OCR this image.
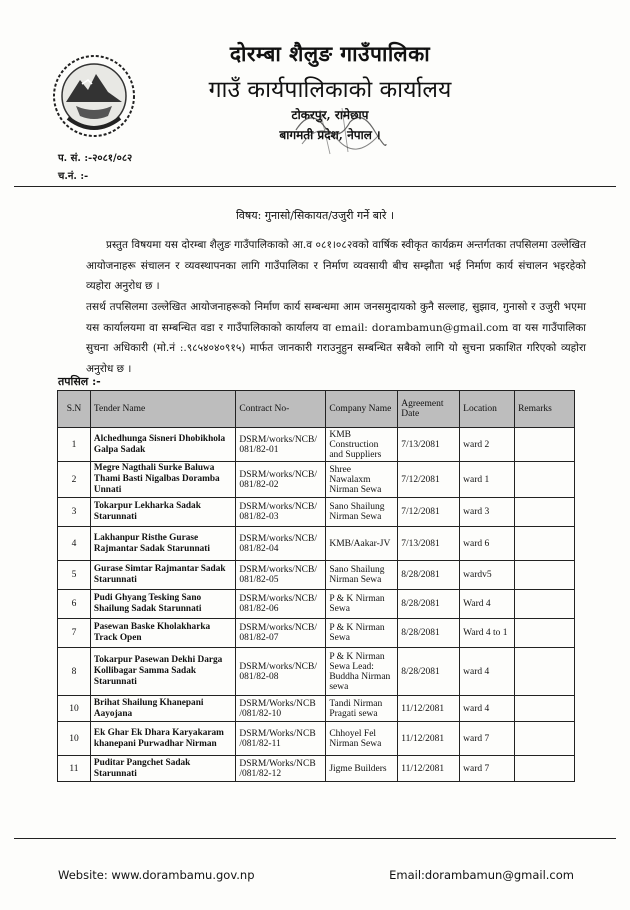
दोरम्बा शैलुङ गाउँपालिका
गाउँ कार्यपालिकाको कार्यालय
टोकरपुर, रामेछाप
बागमती प्रदेश, नेपाल ।
प. सं. :-२०८१/०८२
च.नं. :-
विषय: गुनासो/सिकायत/उजुरी गर्ने बारे ।
प्रस्तुत विषयमा यस दोरम्बा शैलुङ गाउँपालिकाको आ.व ०८१।०८२वको वार्षिक स्वीकृत कार्यक्रम अन्तर्गतका तपसिलमा उल्लेखित आयोजनाहरू संचालन र व्यवस्थापनका लागि गाउँपालिका र निर्माण व्यवसायी बीच सम्झौता भई निर्माण कार्य संचालन भइरहेको व्यहोरा अनुरोध छ ।
तसर्थ तपसिलमा उल्लेखित आयोजनाहरूको निर्माण कार्य सम्बन्धमा आम जनसमुदायको कुनै सल्लाह, सुझाव, गुनासो र उजुरी भएमा यस कार्यालयमा वा सम्बन्धित वडा र गाउँपालिकाको कार्यालय वा email: dorambamun@gmail.com वा यस गाउँपालिका सुचना अधिकारी (मो.नं :.९८५४०४०९१५) मार्फत जानकारी गराउनुहुन सम्बन्धित सबैको लागि यो सुचना प्रकाशित गरिएको व्यहोरा अनुरोध छ ।
तपसिल :-
S.N	Tender Name	Contract No-	Company Name	Agreement Date	Location	Remarks
1	Alchedhunga Sisneri Dhobikhola Galpa Sadak	DSRM/works/NCB/ 081/82-01	KMB Construction and Suppliers	7/13/2081	ward 2	
2	Megre Nagthali Surke Baluwa Thami Basti Nigalbas Doramba Unnati	DSRM/works/NCB/ 081/82-02	Shree Nawalaxm Nirman Sewa	7/12/2081	ward 1	
3	Tokarpur Lekharka Sadak Starunnati	DSRM/works/NCB/ 081/82-03	Sano Shailung Nirman Sewa	7/12/2081	ward 3	
4	Lakhanpur Risthe Gurase Rajmantar Sadak Starunnati	DSRM/works/NCB/ 081/82-04	KMB/Aakar-JV	7/13/2081	ward 6	
5	Gurase Simtar Rajmantar Sadak Starunnati	DSRM/works/NCB/ 081/82-05	Sano Shailung Nirman Sewa	8/28/2081	wardv5	
6	Pudi Ghyang Tesking Sano Shailung Sadak Starunnati	DSRM/works/NCB/ 081/82-06	P & K Nirman Sewa	8/28/2081	Ward 4	
7	Pasewan Baske Kholakharka Track Open	DSRM/works/NCB/ 081/82-07	P & K Nirman Sewa	8/28/2081	Ward 4 to 1	
8	Tokarpur Pasewan Dekhi Darga Kollibagar Samma Sadak Starunnati	DSRM/works/NCB/ 081/82-08	P & K Nirman Sewa Lead: Buddha Nirman sewa	8/28/2081	ward 4	
10	Brihat Shailung Khanepani Aayojana	DSRM/Works/NCB /081/82-10	Tandi Nirman Pragati sewa	11/12/2081	ward 4	
10	Ek Ghar Ek Dhara Karyakaram khanepani Purwadhar Nirman	DSRM/Works/NCB /081/82-11	Chhoyel Fel Nirman Sewa	11/12/2081	ward 7	
11	Puditar Pangchet Sadak Starunnati	DSRM/Works/NCB /081/82-12	Jigme Builders	11/12/2081	ward 7	
Website: www.dorambamu.gov.np	Email:dorambamun@gmail.com
